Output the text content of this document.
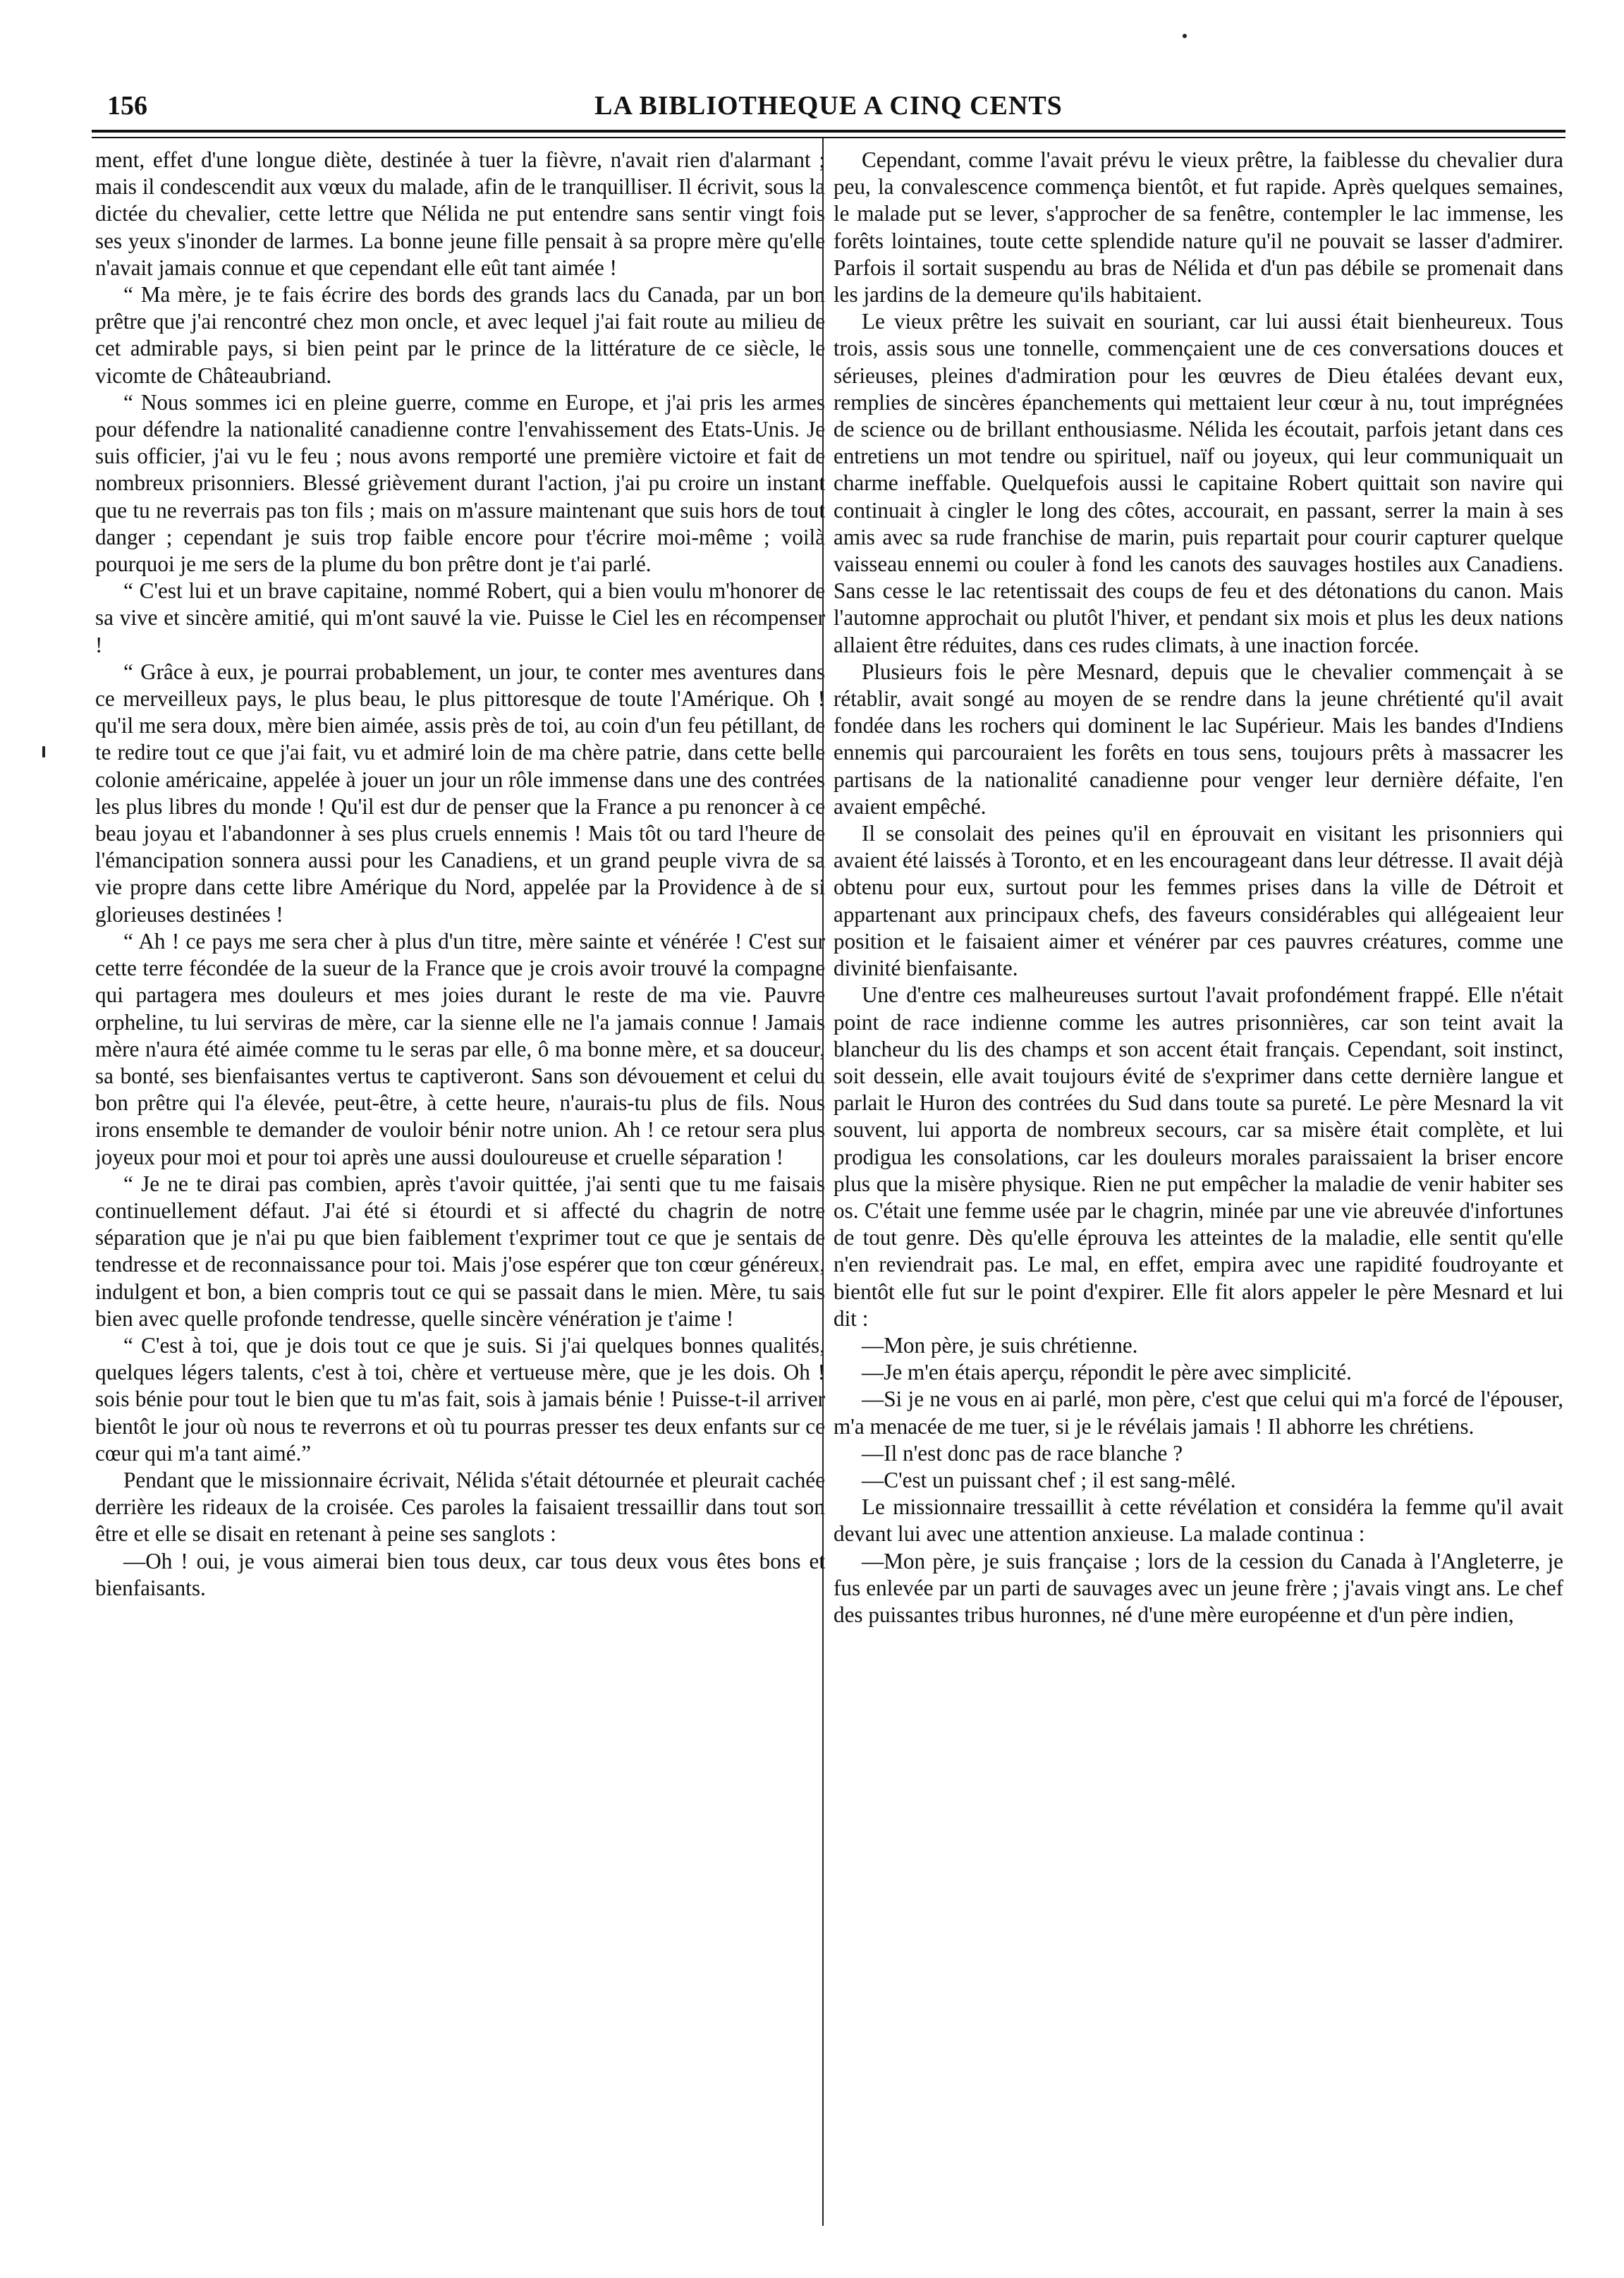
156	LA BIBLIOTHEQUE A CINQ CENTS

ment, effet d'une longue diète, destinée à tuer la fièvre, n'avait rien d'alarmant ; mais il condescendit aux vœux du malade, afin de le tranquilliser. Il écrivit, sous la dictée du chevalier, cette lettre que Nélida ne put entendre sans sentir vingt fois ses yeux s'inonder de larmes. La bonne jeune fille pensait à sa propre mère qu'elle n'avait jamais connue et que cependant elle eût tant aimée !

“ Ma mère, je te fais écrire des bords des grands lacs du Canada, par un bon prêtre que j'ai rencontré chez mon oncle, et avec lequel j'ai fait route au milieu de cet admirable pays, si bien peint par le prince de la littérature de ce siècle, le vicomte de Châteaubriand.

“ Nous sommes ici en pleine guerre, comme en Europe, et j'ai pris les armes pour défendre la nationalité canadienne contre l'envahissement des Etats-Unis. Je suis officier, j'ai vu le feu ; nous avons remporté une première victoire et fait de nombreux prisonniers. Blessé grièvement durant l'action, j'ai pu croire un instant que tu ne reverrais pas ton fils ; mais on m'assure maintenant que suis hors de tout danger ; cependant je suis trop faible encore pour t'écrire moi-même ; voilà pourquoi je me sers de la plume du bon prêtre dont je t'ai parlé.

“ C'est lui et un brave capitaine, nommé Robert, qui a bien voulu m'honorer de sa vive et sincère amitié, qui m'ont sauvé la vie. Puisse le Ciel les en récompenser !

“ Grâce à eux, je pourrai probablement, un jour, te conter mes aventures dans ce merveilleux pays, le plus beau, le plus pittoresque de toute l'Amérique. Oh ! qu'il me sera doux, mère bien aimée, assis près de toi, au coin d'un feu pétillant, de te redire tout ce que j'ai fait, vu et admiré loin de ma chère patrie, dans cette belle colonie américaine, appelée à jouer un jour un rôle immense dans une des contrées les plus libres du monde ! Qu'il est dur de penser que la France a pu renoncer à ce beau joyau et l'abandonner à ses plus cruels ennemis ! Mais tôt ou tard l'heure de l'émancipation sonnera aussi pour les Canadiens, et un grand peuple vivra de sa vie propre dans cette libre Amérique du Nord, appelée par la Providence à de si glorieuses destinées !

“ Ah ! ce pays me sera cher à plus d'un titre, mère sainte et vénérée ! C'est sur cette terre fécondée de la sueur de la France que je crois avoir trouvé la compagne qui partagera mes douleurs et mes joies durant le reste de ma vie. Pauvre orpheline, tu lui serviras de mère, car la sienne elle ne l'a jamais connue ! Jamais mère n'aura été aimée comme tu le seras par elle, ô ma bonne mère, et sa douceur, sa bonté, ses bienfaisantes vertus te captiveront. Sans son dévouement et celui du bon prêtre qui l'a élevée, peut-être, à cette heure, n'aurais-tu plus de fils. Nous irons ensemble te demander de vouloir bénir notre union. Ah ! ce retour sera plus joyeux pour moi et pour toi après une aussi douloureuse et cruelle séparation !

“ Je ne te dirai pas combien, après t'avoir quittée, j'ai senti que tu me faisais continuellement défaut. J'ai été si étourdi et si affecté du chagrin de notre séparation que je n'ai pu que bien faiblement t'exprimer tout ce que je sentais de tendresse et de reconnaissance pour toi. Mais j'ose espérer que ton cœur généreux, indulgent et bon, a bien compris tout ce qui se passait dans le mien. Mère, tu sais bien avec quelle profonde tendresse, quelle sincère vénération je t'aime !

“ C'est à toi, que je dois tout ce que je suis. Si j'ai quelques bonnes qualités, quelques légers talents, c'est à toi, chère et vertueuse mère, que je les dois. Oh ! sois bénie pour tout le bien que tu m'as fait, sois à jamais bénie ! Puisse-t-il arriver bientôt le jour où nous te reverrons et où tu pourras presser tes deux enfants sur ce cœur qui m'a tant aimé.”

Pendant que le missionnaire écrivait, Nélida s'était détournée et pleurait cachée derrière les rideaux de la croisée. Ces paroles la faisaient tressaillir dans tout son être et elle se disait en retenant à peine ses sanglots :

—Oh ! oui, je vous aimerai bien tous deux, car tous deux vous êtes bons et bienfaisants.

Cependant, comme l'avait prévu le vieux prêtre, la faiblesse du chevalier dura peu, la convalescence commença bientôt, et fut rapide. Après quelques semaines, le malade put se lever, s'approcher de sa fenêtre, contempler le lac immense, les forêts lointaines, toute cette splendide nature qu'il ne pouvait se lasser d'admirer. Parfois il sortait suspendu au bras de Nélida et d'un pas débile se promenait dans les jardins de la demeure qu'ils habitaient.

Le vieux prêtre les suivait en souriant, car lui aussi était bienheureux. Tous trois, assis sous une tonnelle, commençaient une de ces conversations douces et sérieuses, pleines d'admiration pour les œuvres de Dieu étalées devant eux, remplies de sincères épanchements qui mettaient leur cœur à nu, tout imprégnées de science ou de brillant enthousiasme. Nélida les écoutait, parfois jetant dans ces entretiens un mot tendre ou spirituel, naïf ou joyeux, qui leur communiquait un charme ineffable. Quelquefois aussi le capitaine Robert quittait son navire qui continuait à cingler le long des côtes, accourait, en passant, serrer la main à ses amis avec sa rude franchise de marin, puis repartait pour courir capturer quelque vaisseau ennemi ou couler à fond les canots des sauvages hostiles aux Canadiens. Sans cesse le lac retentissait des coups de feu et des détonations du canon. Mais l'automne approchait ou plutôt l'hiver, et pendant six mois et plus les deux nations allaient être réduites, dans ces rudes climats, à une inaction forcée.

Plusieurs fois le père Mesnard, depuis que le chevalier commençait à se rétablir, avait songé au moyen de se rendre dans la jeune chrétienté qu'il avait fondée dans les rochers qui dominent le lac Supérieur. Mais les bandes d'Indiens ennemis qui parcouraient les forêts en tous sens, toujours prêts à massacrer les partisans de la nationalité canadienne pour venger leur dernière défaite, l'en avaient empêché.

Il se consolait des peines qu'il en éprouvait en visitant les prisonniers qui avaient été laissés à Toronto, et en les encourageant dans leur détresse. Il avait déjà obtenu pour eux, surtout pour les femmes prises dans la ville de Détroit et appartenant aux principaux chefs, des faveurs considérables qui allégeaient leur position et le faisaient aimer et vénérer par ces pauvres créatures, comme une divinité bienfaisante.

Une d'entre ces malheureuses surtout l'avait profondément frappé. Elle n'était point de race indienne comme les autres prisonnières, car son teint avait la blancheur du lis des champs et son accent était français. Cependant, soit instinct, soit dessein, elle avait toujours évité de s'exprimer dans cette dernière langue et parlait le Huron des contrées du Sud dans toute sa pureté. Le père Mesnard la vit souvent, lui apporta de nombreux secours, car sa misère était complète, et lui prodigua les consolations, car les douleurs morales paraissaient la briser encore plus que la misère physique. Rien ne put empêcher la maladie de venir habiter ses os. C'était une femme usée par le chagrin, minée par une vie abreuvée d'infortunes de tout genre. Dès qu'elle éprouva les atteintes de la maladie, elle sentit qu'elle n'en reviendrait pas. Le mal, en effet, empira avec une rapidité foudroyante et bientôt elle fut sur le point d'expirer. Elle fit alors appeler le père Mesnard et lui dit :

—Mon père, je suis chrétienne.

—Je m'en étais aperçu, répondit le père avec simplicité.

—Si je ne vous en ai parlé, mon père, c'est que celui qui m'a forcé de l'épouser, m'a menacée de me tuer, si je le révélais jamais ! Il abhorre les chrétiens.

—Il n'est donc pas de race blanche ?

—C'est un puissant chef ; il est sang-mêlé.

Le missionnaire tressaillit à cette révélation et considéra la femme qu'il avait devant lui avec une attention anxieuse. La malade continua :

—Mon père, je suis française ; lors de la cession du Canada à l'Angleterre, je fus enlevée par un parti de sauvages avec un jeune frère ; j'avais vingt ans. Le chef des puissantes tribus huronnes, né d'une mère européenne et d'un père indien,
